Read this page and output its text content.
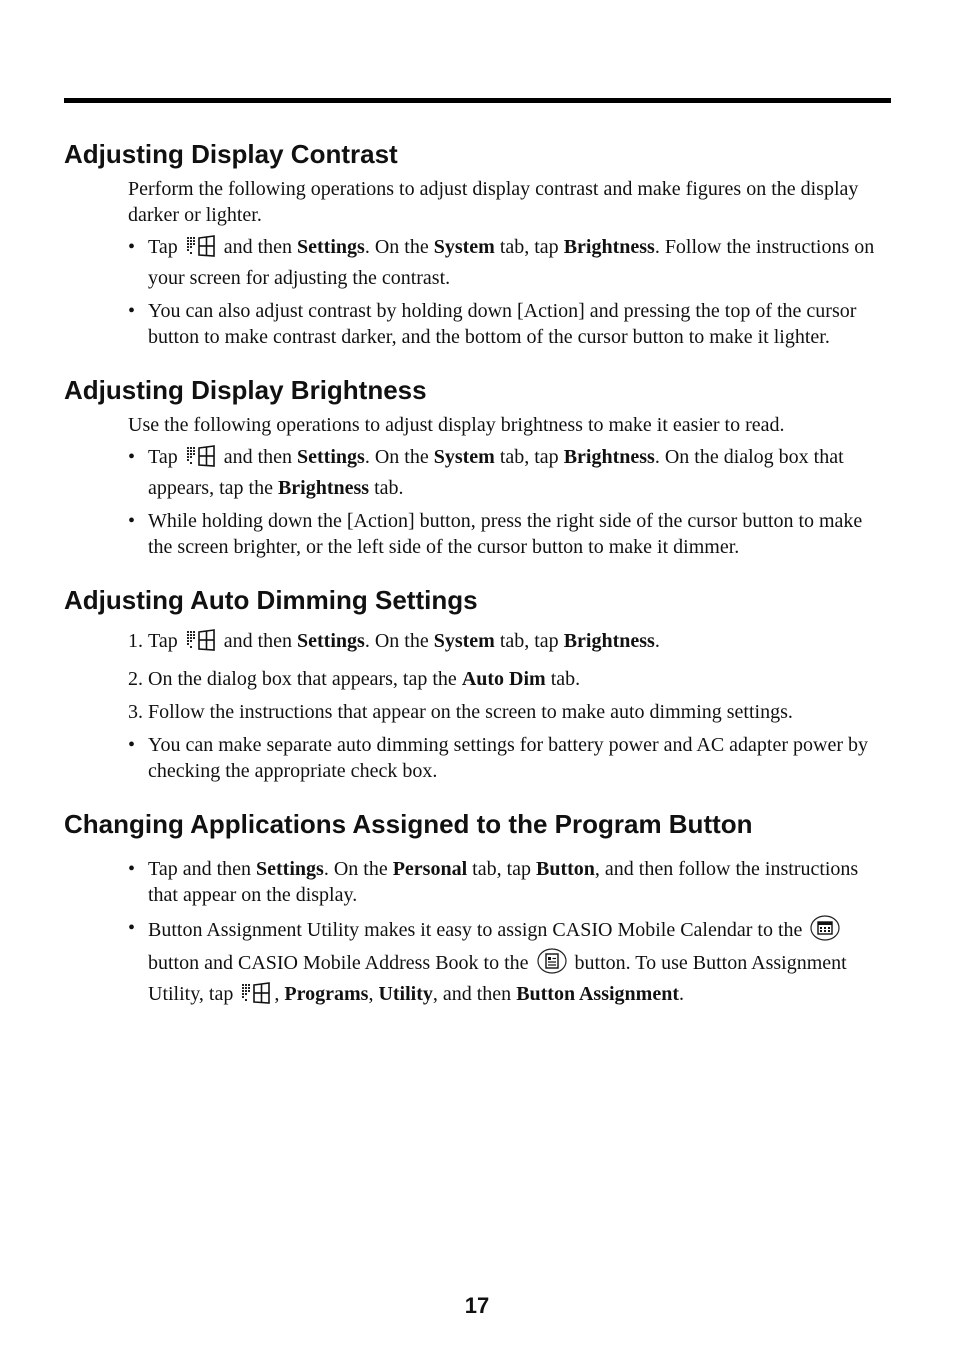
Adjusting Display Contrast
Perform the following operations to adjust display contrast and make figures on the display darker or lighter.
• Tap  and then Settings. On the System tab, tap Brightness. Follow the instructions on your screen for adjusting the contrast.
• You can also adjust contrast by holding down [Action] and pressing the top of the cursor button to make contrast darker, and the bottom of the cursor button to make it lighter.
Adjusting Display Brightness
Use the following operations to adjust display brightness to make it easier to read.
• Tap  and then Settings. On the System tab, tap Brightness. On the dialog box that appears, tap the Brightness tab.
• While holding down the [Action] button, press the right side of the cursor button to make the screen brighter, or the left side of the cursor button to make it dimmer.
Adjusting Auto Dimming Settings
1. Tap  and then Settings. On the System tab, tap Brightness.
2. On the dialog box that appears, tap the Auto Dim tab.
3. Follow the instructions that appear on the screen to make auto dimming settings.
• You can make separate auto dimming settings for battery power and AC adapter power by checking the appropriate check box.
Changing Applications Assigned to the Program Button
• Tap and then Settings. On the Personal tab, tap Button, and then follow the instructions that appear on the display.
• Button Assignment Utility makes it easy to assign CASIO Mobile Calendar to the  button and CASIO Mobile Address Book to the  button. To use Button Assignment Utility, tap , Programs, Utility, and then Button Assignment.
17
